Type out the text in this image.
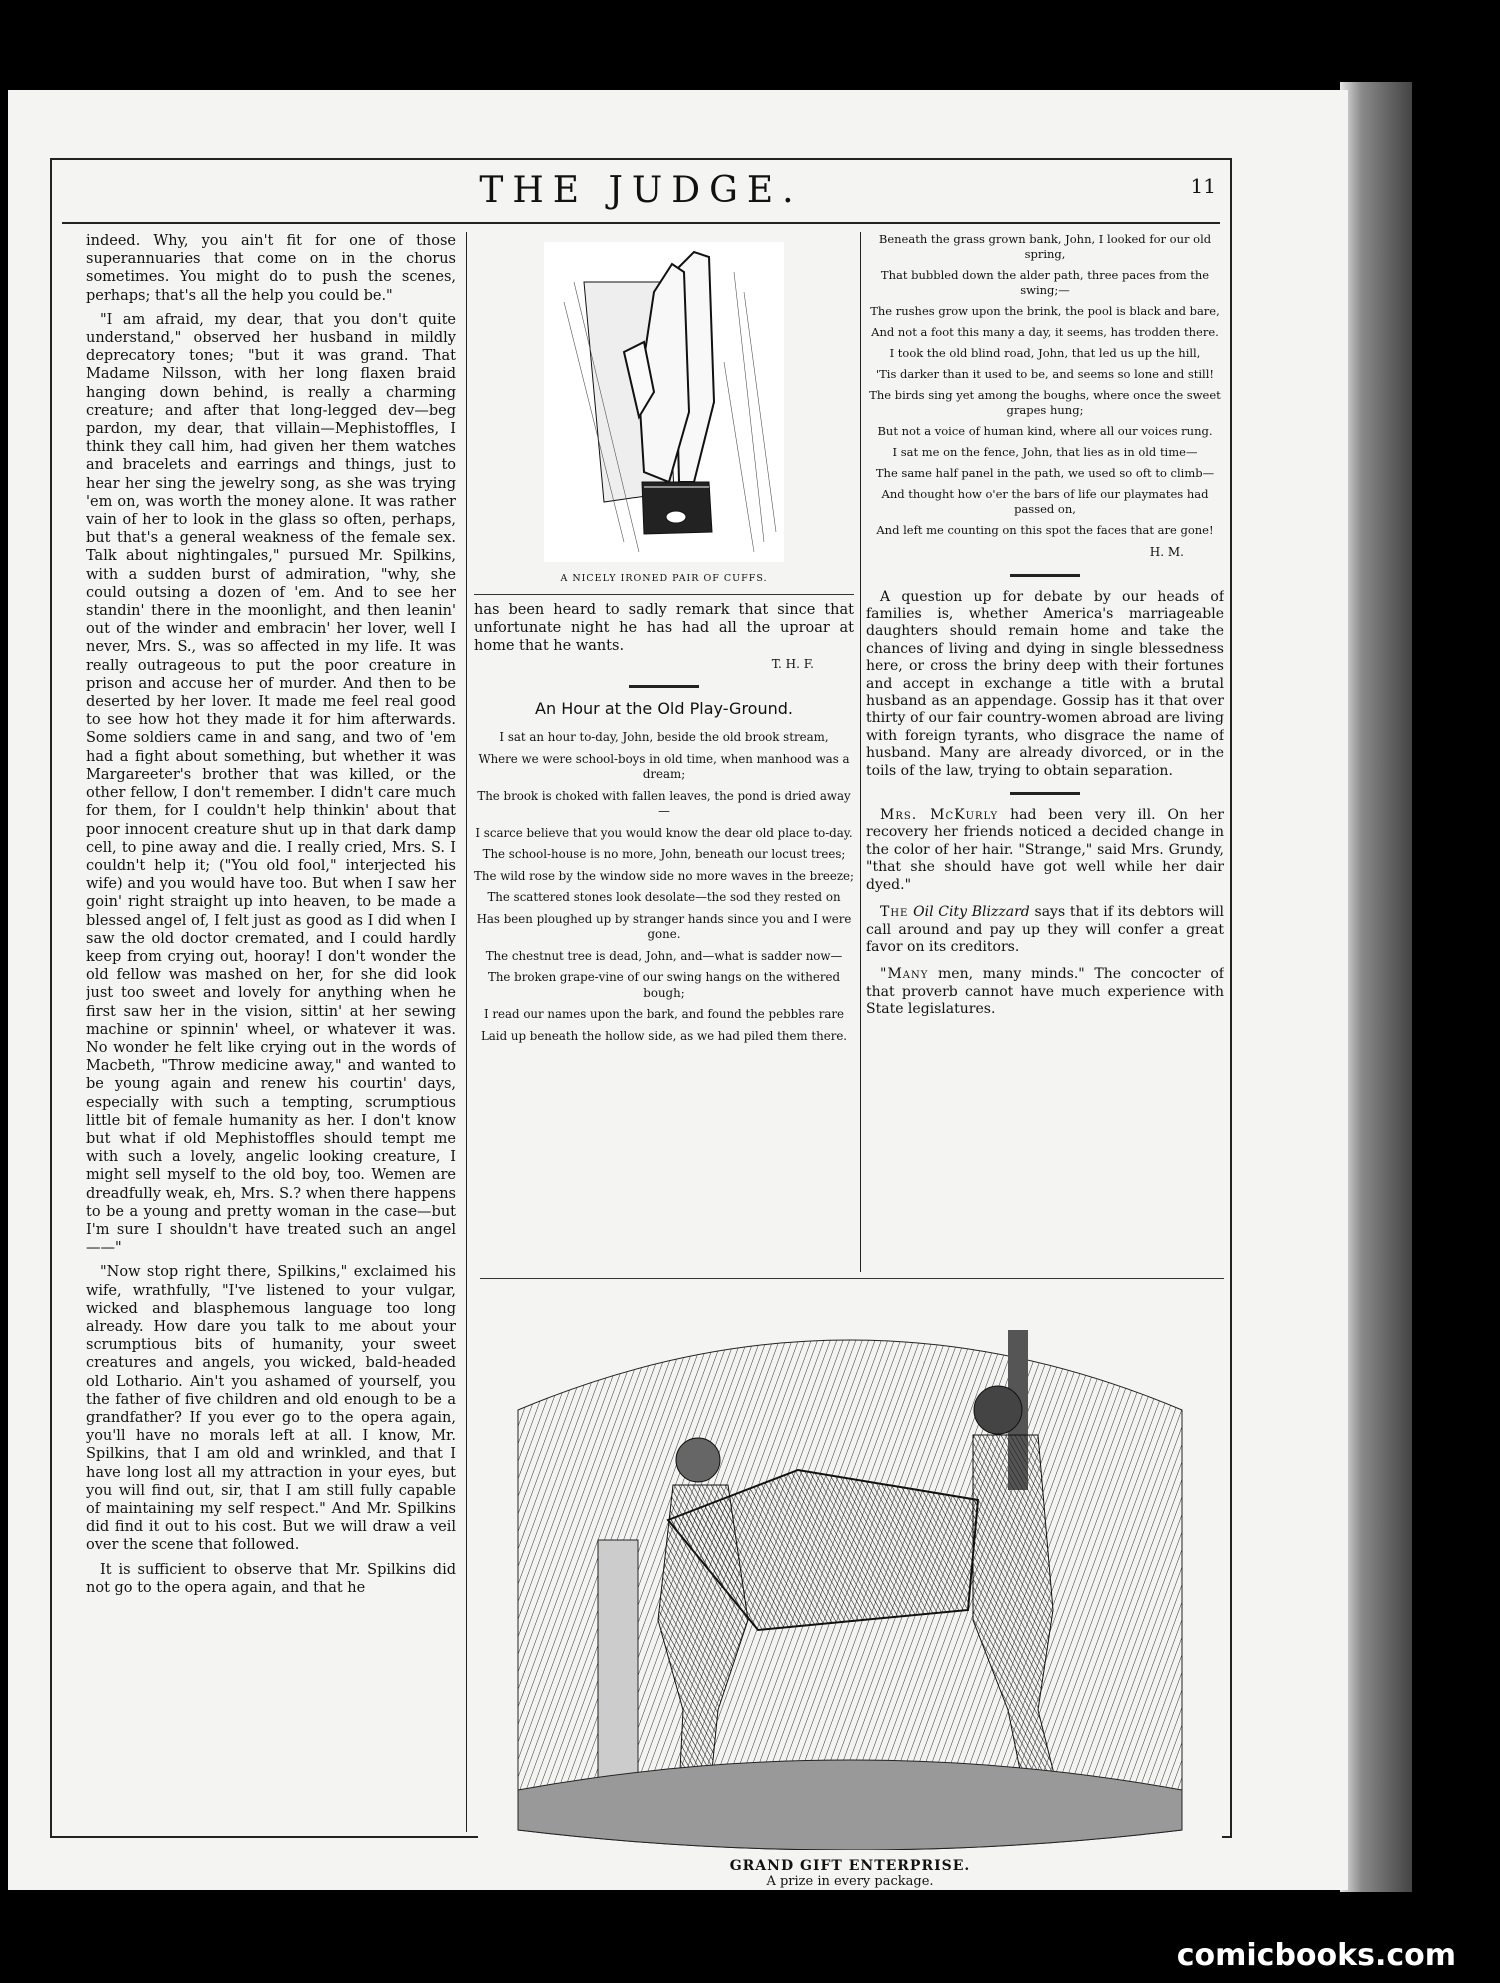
THE JUDGE.	11

indeed. Why, you ain't fit for one of those superannuaries that come on in the chorus sometimes. You might do to push the scenes, perhaps; that's all the help you could be."

"I am afraid, my dear, that you don't quite understand," observed her husband in mildly deprecatory tones; "but it was grand. That Madame Nilsson, with her long flaxen braid hanging down behind, is really a charming creature; and after that long-legged dev—beg pardon, my dear, that villain—Mephistoffles, I think they call him, had given her them watches and bracelets and earrings and things, just to hear her sing the jewelry song, as she was trying 'em on, was worth the money alone. It was rather vain of her to look in the glass so often, perhaps, but that's a general weakness of the female sex. Talk about nightingales," pursued Mr. Spilkins, with a sudden burst of admiration, "why, she could outsing a dozen of 'em. And to see her standin' there in the moonlight, and then leanin' out of the winder and embracin' her lover, well I never, Mrs. S., was so affected in my life. It was really outrageous to put the poor creature in prison and accuse her of murder. And then to be deserted by her lover. It made me feel real good to see how hot they made it for him afterwards. Some soldiers came in and sang, and two of 'em had a fight about something, but whether it was Margareeter's brother that was killed, or the other fellow, I don't remember. I didn't care much for them, for I couldn't help thinkin' about that poor innocent creature shut up in that dark damp cell, to pine away and die. I really cried, Mrs. S. I couldn't help it; ("You old fool," interjected his wife) and you would have too. But when I saw her goin' right straight up into heaven, to be made a blessed angel of, I felt just as good as I did when I saw the old doctor cremated, and I could hardly keep from crying out, hooray! I don't wonder the old fellow was mashed on her, for she did look just too sweet and lovely for anything when he first saw her in the vision, sittin' at her sewing machine or spinnin' wheel, or whatever it was. No wonder he felt like crying out in the words of Macbeth, "Throw medicine away," and wanted to be young again and renew his courtin' days, especially with such a tempting, scrumptious little bit of female humanity as her. I don't know but what if old Mephistoffles should tempt me with such a lovely, angelic looking creature, I might sell myself to the old boy, too. Wemen are dreadfully weak, eh, Mrs. S.? when there happens to be a young and pretty woman in the case—but I'm sure I shouldn't have treated such an angel——"

"Now stop right there, Spilkins," exclaimed his wife, wrathfully, "I've listened to your vulgar, wicked and blasphemous language too long already. How dare you talk to me about your scrumptious bits of humanity, your sweet creatures and angels, you wicked, bald-headed old Lothario. Ain't you ashamed of yourself, you the father of five children and old enough to be a grandfather? If you ever go to the opera again, you'll have no morals left at all. I know, Mr. Spilkins, that I am old and wrinkled, and that I have long lost all my attraction in your eyes, but you will find out, sir, that I am still fully capable of maintaining my self respect." And Mr. Spilkins did find it out to his cost. But we will draw a veil over the scene that followed.

It is sufficient to observe that Mr. Spilkins did not go to the opera again, and that he

A NICELY IRONED PAIR OF CUFFS.

has been heard to sadly remark that since that unfortunate night he has had all the uproar at home that he wants.
T. H. F.

An Hour at the Old Play-Ground.

I sat an hour to-day, John, beside the old brook stream,

Where we were school-boys in old time, when manhood was a dream;

The brook is choked with fallen leaves, the pond is dried away—

I scarce believe that you would know the dear old place to-day.

The school-house is no more, John, beneath our locust trees;

The wild rose by the window side no more waves in the breeze;

The scattered stones look desolate—the sod they rested on

Has been ploughed up by stranger hands since you and I were gone.

The chestnut tree is dead, John, and—what is sadder now—

The broken grape-vine of our swing hangs on the withered bough;

I read our names upon the bark, and found the pebbles rare

Laid up beneath the hollow side, as we had piled them there.

Beneath the grass grown bank, John, I looked for our old spring,

That bubbled down the alder path, three paces from the swing;—

The rushes grow upon the brink, the pool is black and bare,

And not a foot this many a day, it seems, has trodden there.

I took the old blind road, John, that led us up the hill,

'Tis darker than it used to be, and seems so lone and still!

The birds sing yet among the boughs, where once the sweet grapes hung;

But not a voice of human kind, where all our voices rung.

I sat me on the fence, John, that lies as in old time—

The same half panel in the path, we used so oft to climb—

And thought how o'er the bars of life our playmates had passed on,

And left me counting on this spot the faces that are gone!

H. M.

A question up for debate by our heads of families is, whether America's marriageable daughters should remain home and take the chances of living and dying in single blessedness here, or cross the briny deep with their fortunes and accept in exchange a title with a brutal husband as an appendage. Gossip has it that over thirty of our fair country-women abroad are living with foreign tyrants, who disgrace the name of husband. Many are already divorced, or in the toils of the law, trying to obtain separation.

Mrs. McKurly had been very ill. On her recovery her friends noticed a decided change in the color of her hair. "Strange," said Mrs. Grundy, "that she should have got well while her dair dyed."

The Oil City Blizzard says that if its debtors will call around and pay up they will confer a great favor on its creditors.

"Many men, many minds." The concocter of that proverb cannot have much experience with State legislatures.

GRAND GIFT ENTERPRISE.
A prize in every package.
comicbooks.com
